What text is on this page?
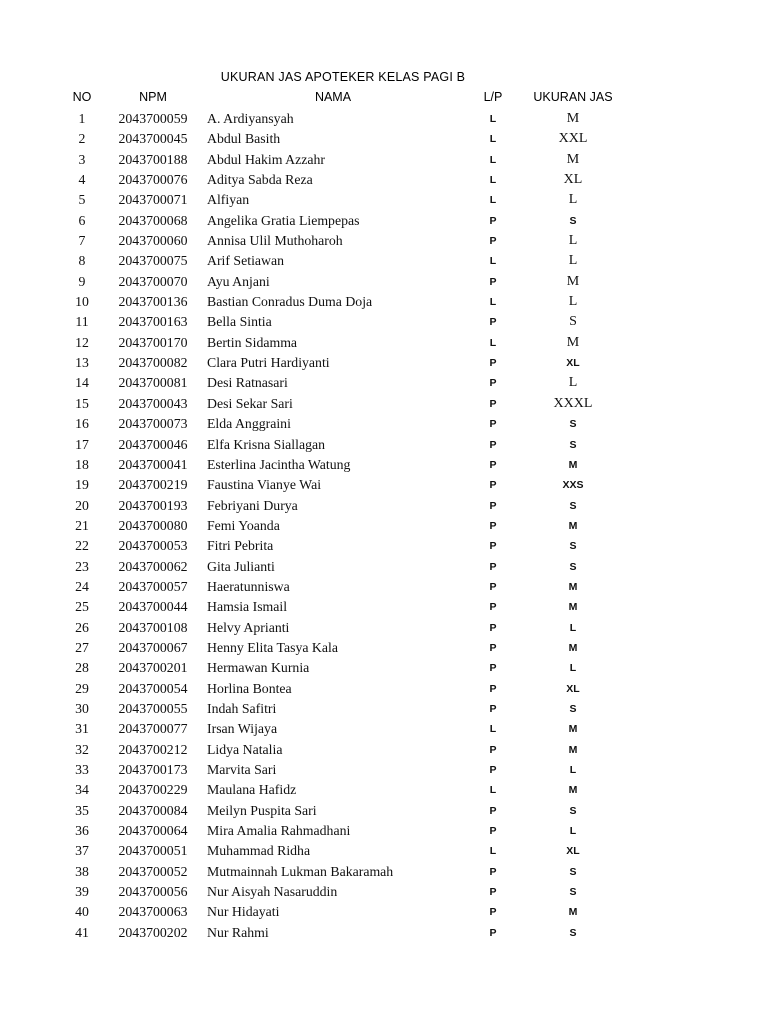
UKURAN JAS APOTEKER KELAS PAGI B
NO	NPM	NAMA	L/P	UKURAN JAS
1	2043700059	A. Ardiyansyah	L	M
2	2043700045	Abdul Basith	L	XXL
3	2043700188	Abdul Hakim Azzahr	L	M
4	2043700076	Aditya Sabda Reza	L	XL
5	2043700071	Alfiyan	L	L
6	2043700068	Angelika Gratia Liempepas	P	S
7	2043700060	Annisa Ulil Muthoharoh	P	L
8	2043700075	Arif Setiawan	L	L
9	2043700070	Ayu Anjani	P	M
10	2043700136	Bastian Conradus Duma Doja	L	L
11	2043700163	Bella Sintia	P	S
12	2043700170	Bertin Sidamma	L	M
13	2043700082	Clara Putri Hardiyanti	P	XL
14	2043700081	Desi Ratnasari	P	L
15	2043700043	Desi Sekar Sari	P	XXXL
16	2043700073	Elda Anggraini	P	S
17	2043700046	Elfa Krisna Siallagan	P	S
18	2043700041	Esterlina Jacintha Watung	P	M
19	2043700219	Faustina Vianye Wai	P	XXS
20	2043700193	Febriyani Durya	P	S
21	2043700080	Femi Yoanda	P	M
22	2043700053	Fitri Pebrita	P	S
23	2043700062	Gita Julianti	P	S
24	2043700057	Haeratunniswa	P	M
25	2043700044	Hamsia Ismail	P	M
26	2043700108	Helvy Aprianti	P	L
27	2043700067	Henny Elita Tasya Kala	P	M
28	2043700201	Hermawan Kurnia	P	L
29	2043700054	Horlina Bontea	P	XL
30	2043700055	Indah Safitri	P	S
31	2043700077	Irsan Wijaya	L	M
32	2043700212	Lidya Natalia	P	M
33	2043700173	Marvita Sari	P	L
34	2043700229	Maulana Hafidz	L	M
35	2043700084	Meilyn Puspita Sari	P	S
36	2043700064	Mira Amalia Rahmadhani	P	L
37	2043700051	Muhammad Ridha	L	XL
38	2043700052	Mutmainnah Lukman Bakaramah	P	S
39	2043700056	Nur Aisyah Nasaruddin	P	S
40	2043700063	Nur Hidayati	P	M
41	2043700202	Nur Rahmi	P	S
